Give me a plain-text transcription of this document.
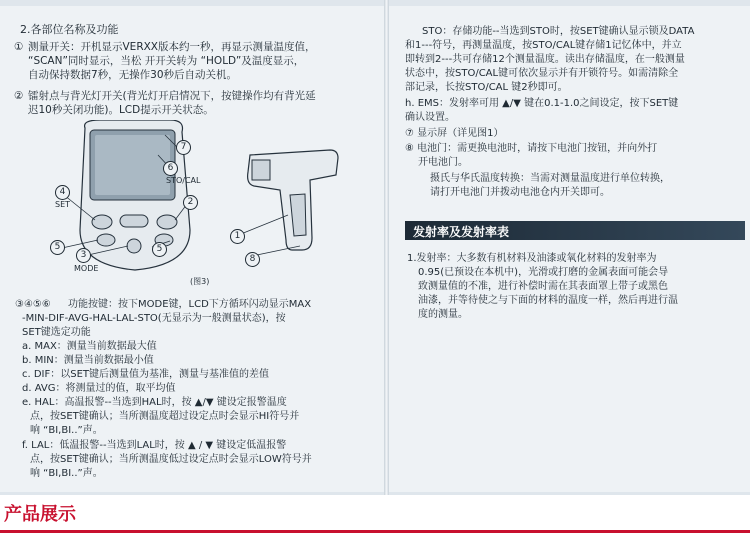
2.各部位名称及功能
① 测量开关：开机显示VERXX版本约一秒，再显示测量温度值，
“SCAN”同时显示，当松 开开关转为 “HOLD”及温度显示，
自动保持数据7秒，无操作30秒后自动关机。
② 镭射点与背光灯开关(背光灯开启情况下，按键操作均有背光延
迟10秒关闭功能)。LCD提示开关状态。
7
6
STO/CAL
2
4
SET
5
3
MODE
5
1
8
(图3)
③④⑤⑥ 功能按键：按下MODE键，LCD下方循环闪动显示MAX
-MIN-DIF-AVG-HAL-LAL-STO(无显示为一般测量状态)，按
SET键选定功能
a. MAX：测量当前数据最大值
b. MIN：测量当前数据最小值
c. DIF：以SET键后测量值为基准，测量与基准值的差值
d. AVG：将测量过的值，取平均值
e. HAL：高温报警--当选到HAL时，按 ▲/▼ 键设定报警温度
点，按SET键确认；当所测温度超过设定点时会显示HI符号并
响 “BI,BI..”声。
f. LAL：低温报警--当选到LAL时，按 ▲ / ▼ 键设定低温报警
点，按SET键确认；当所测温度低过设定点时会显示LOW符号并
响 “BI,BI..”声。
STO：存储功能--当选到STO时，按SET键确认显示锁及DATA
和1---符号，再测量温度，按STO/CAL键存储1记忆体中，并立
即转到2---共可存储12个测量温度。读出存储温度，在一般测量
状态中，按STO/CAL键可依次显示并有开锁符号。如需清除全
部记录，长按STO/CAL 键2秒即可。
h. EMS：发射率可用 ▲/▼ 键在0.1-1.0之间设定，按下SET键
确认设置。
⑦ 显示屏（详见图1）
⑧ 电池门：需更换电池时，请按下电池门按钮，并向外打
开电池门。
摄氏与华氏温度转换：当需对测量温度进行单位转换，
请打开电池门并拨动电池仓内开关即可。
发射率及发射率表
1.发射率：大多数有机材料及油漆或氧化材料的发射率为
0.95(已预设在本机中)，光滑或打磨的金属表面可能会导
致测量值的不准，进行补偿时需在其表面罩上带子或黑色
油漆，并等待使之与下面的材料的温度一样，然后再进行温
度的测量。
产品展示
